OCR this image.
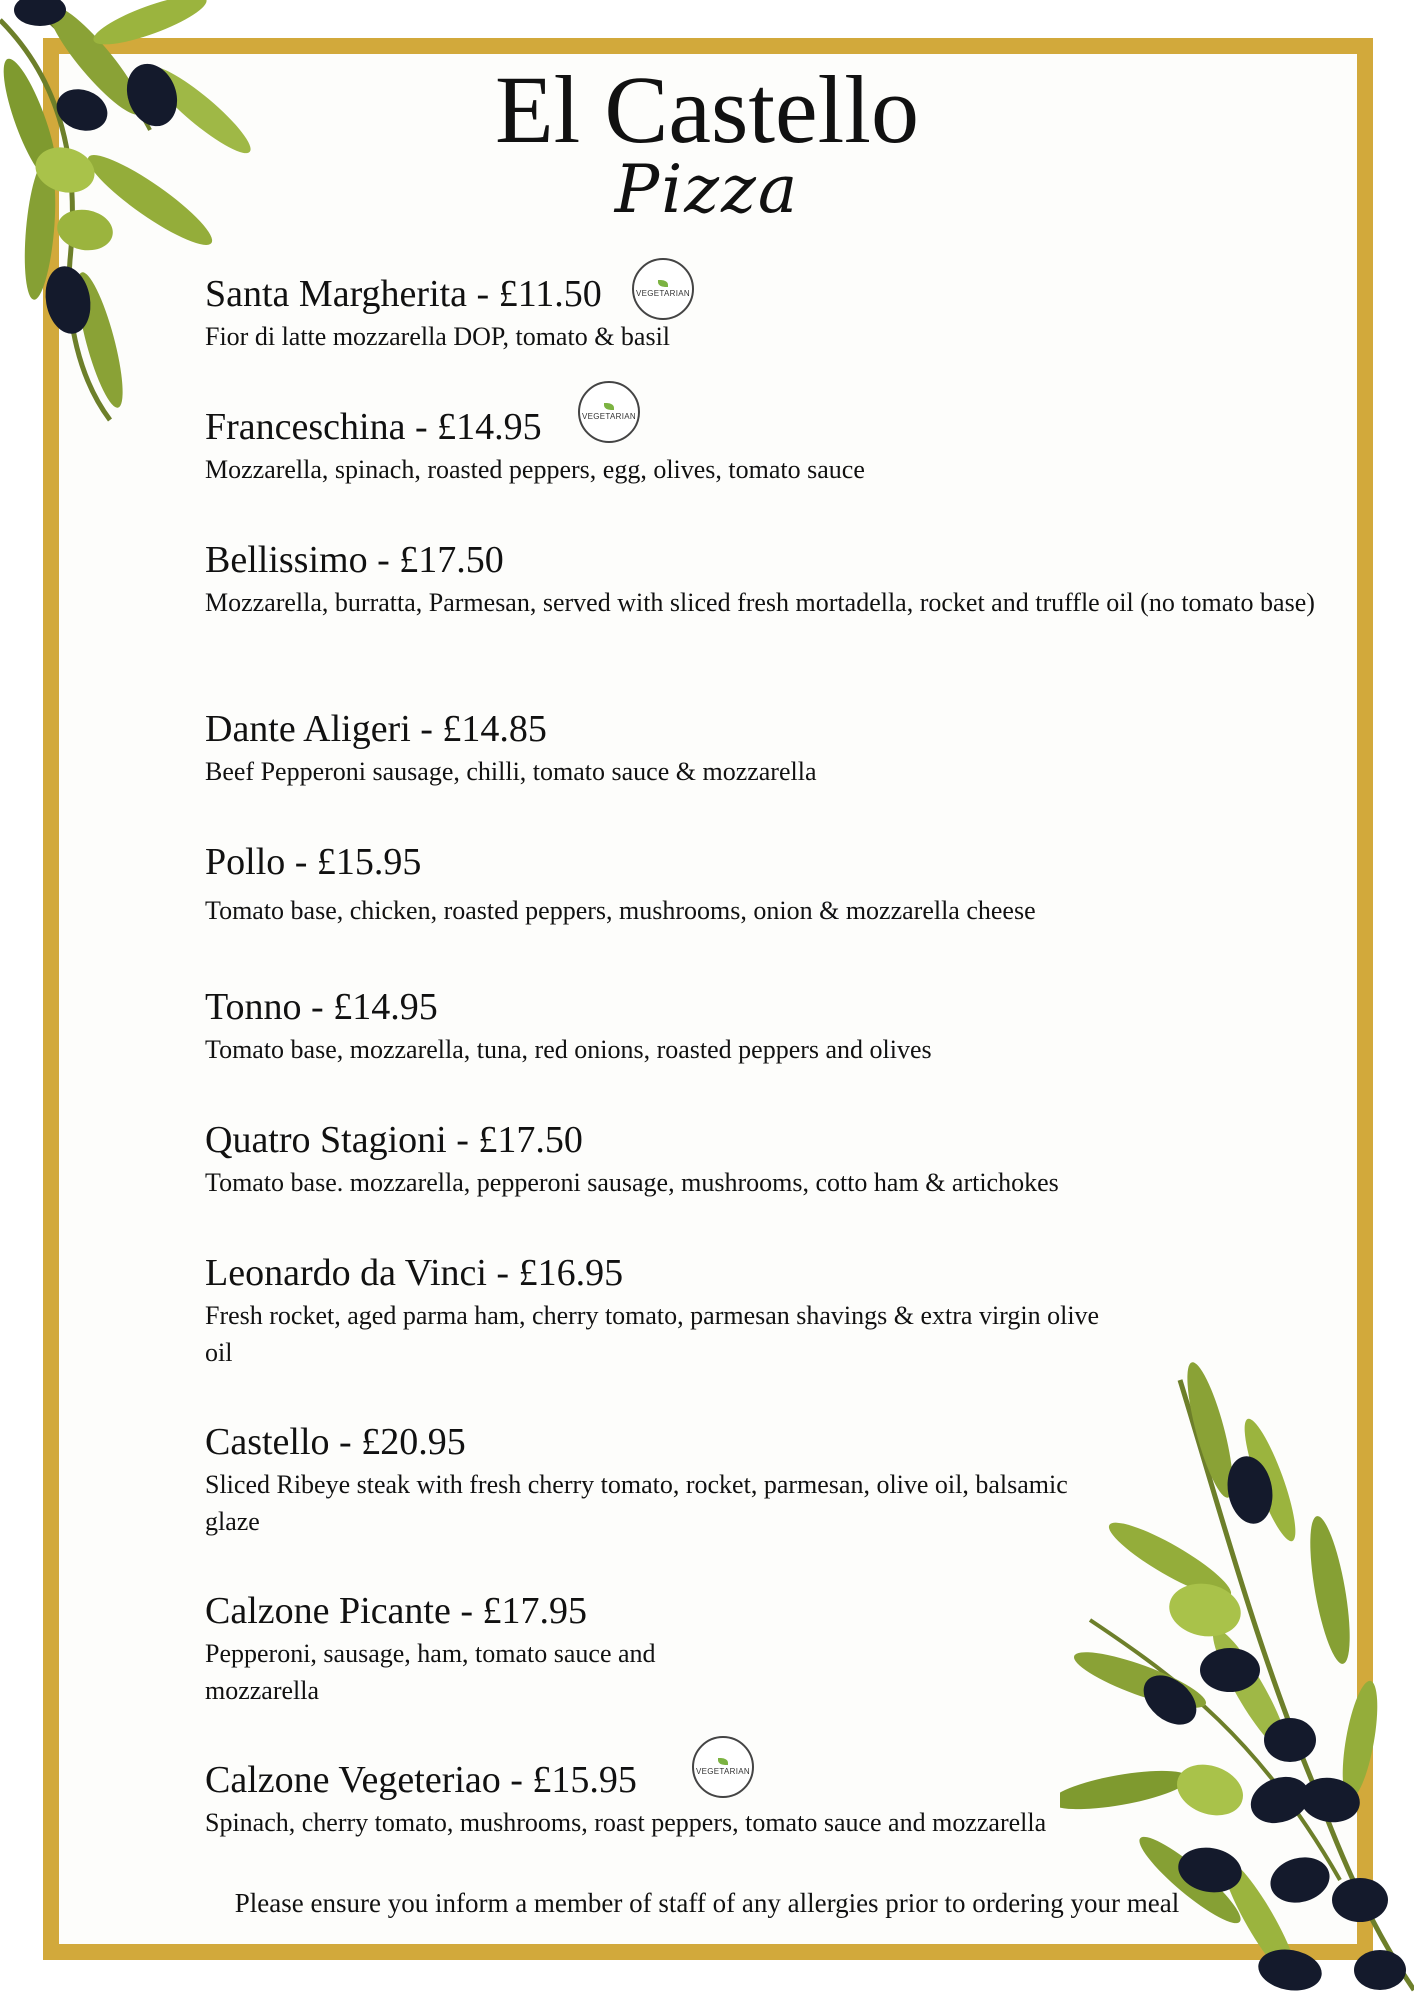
El Castello
Pizza
Santa Margherita - £11.50
Fior di latte mozzarella DOP, tomato & basil
VEGETARIAN
Franceschina - £14.95
Mozzarella, spinach, roasted peppers, egg, olives, tomato sauce
VEGETARIAN
Bellissimo - £17.50
Mozzarella, burratta, Parmesan, served with sliced fresh mortadella, rocket and truffle oil (no tomato base)
Dante Aligeri - £14.85
Beef Pepperoni sausage, chilli, tomato sauce & mozzarella
Pollo - £15.95
Tomato base, chicken, roasted peppers, mushrooms, onion & mozzarella cheese
Tonno - £14.95
Tomato base, mozzarella, tuna, red onions, roasted peppers and olives
Quatro Stagioni - £17.50
Tomato base. mozzarella, pepperoni sausage, mushrooms, cotto ham & artichokes
Leonardo da Vinci - £16.95
Fresh rocket, aged parma ham, cherry tomato, parmesan shavings & extra virgin olive oil
Castello - £20.95
Sliced Ribeye steak with fresh cherry tomato, rocket, parmesan, olive oil, balsamic glaze
Calzone Picante - £17.95
Pepperoni, sausage, ham, tomato sauce and mozzarella
Calzone Vegeteriao - £15.95
Spinach, cherry tomato, mushrooms, roast peppers, tomato sauce and mozzarella
VEGETARIAN
Please ensure you inform a member of staff of any allergies prior to ordering your meal
